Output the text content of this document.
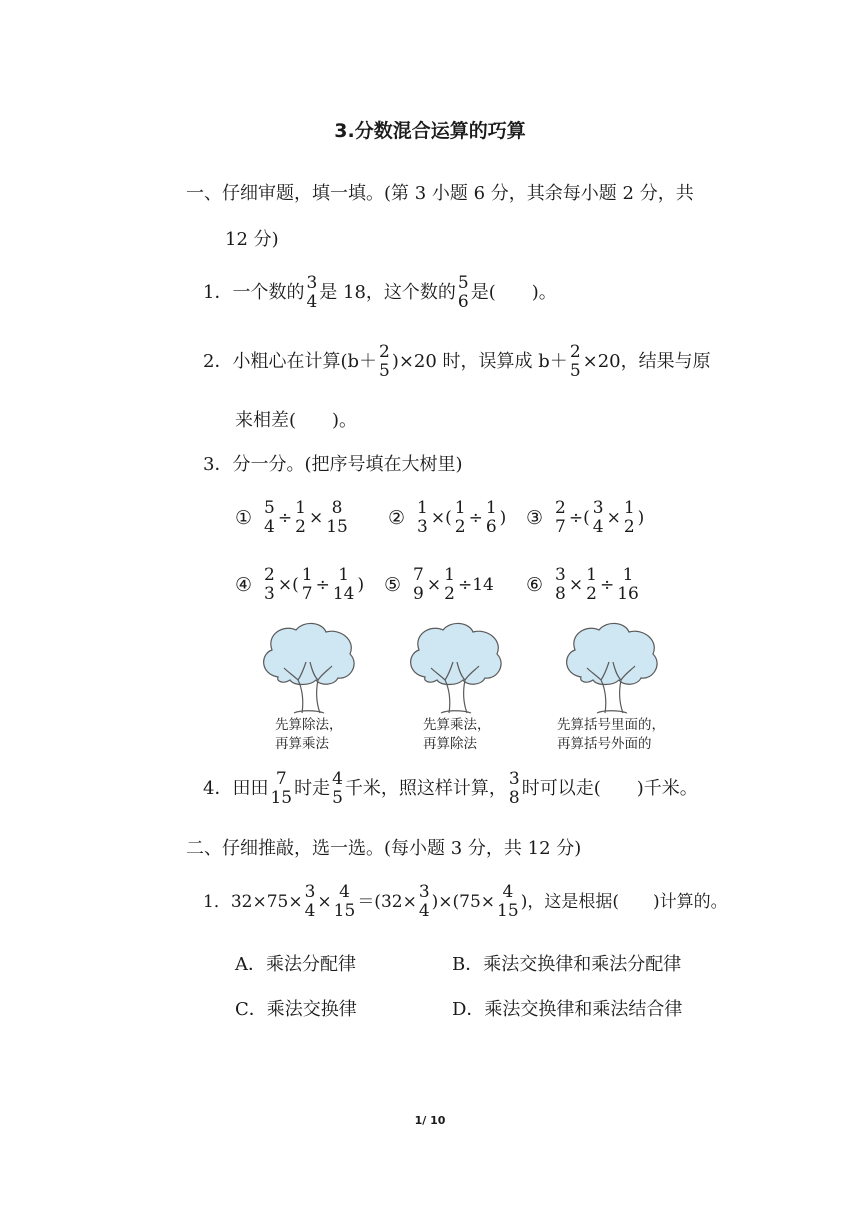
3.分数混合运算的巧算
一、仔细审题，填一填。(第 3 小题 6 分，其余每小题 2 分，共
12 分)
1． 一个数的 3
4 是 18，这个数的 5
6 是(　　)。
2． 小粗心在计算(b＋ 2
5 )×20 时，误算成 b＋ 2
5 ×20，结果与原
来相差(　　)。
3．分一分。(把序号填在大树里)
① 5
4 ÷ 1
2 × 8
15 ② 1
3 ×( 1
2 ÷ 1
6 ) ③ 2
7 ÷( 3
4 × 1
2 )
④ 2
3 ×( 1
7 ÷ 1
14 ) ⑤ 7
9 × 1
2 ÷14 ⑥ 3
8 × 1
2 ÷ 1
16
先算除法，
再算乘法
先算乘法，
再算除法
先算括号里面的，
再算括号外面的
4． 田田 7
15 时走 4
5 千米，照这样计算， 3
8 时可以走(　　)千米。
二、仔细推敲，选一选。(每小题 3 分，共 12 分)
1． 32×75× 3
4 × 4
15 ＝(32× 3
4 )×(75× 4
15 )，这是根据(　　)计算的。
A．乘法分配律	B．乘法交换律和乘法分配律
C．乘法交换律	D．乘法交换律和乘法结合律
1/ 10
